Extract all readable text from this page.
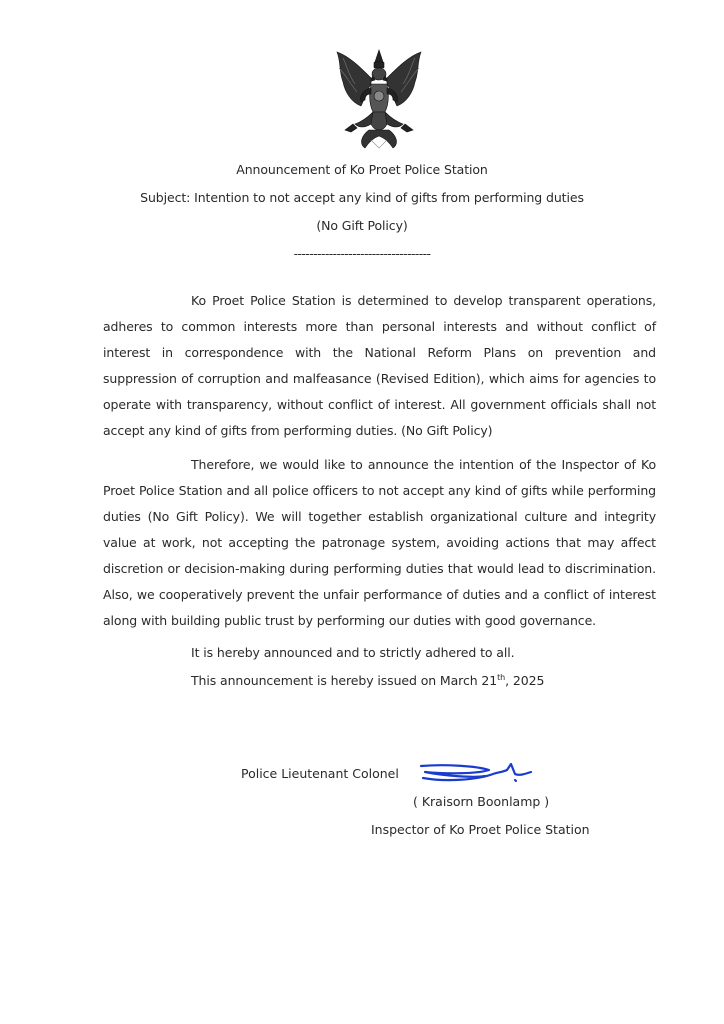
Announcement of Ko Proet Police Station
Subject: Intention to not accept any kind of gifts from performing duties
(No Gift Policy)
-----------------------------------
Ko Proet Police Station is determined to develop transparent operations, adheres to common interests more than personal interests and without conflict of interest in correspondence with the National Reform Plans on prevention and suppression of corruption and malfeasance (Revised Edition), which aims for agencies to operate with transparency, without conflict of interest. All government officials shall not accept any kind of gifts from performing duties. (No Gift Policy)
Therefore, we would like to announce the intention of the Inspector of Ko Proet Police Station and all police officers to not accept any kind of gifts while performing duties (No Gift Policy). We will together establish organizational culture and integrity value at work, not accepting the patronage system, avoiding actions that may affect discretion or decision-making during performing duties that would lead to discrimination. Also, we cooperatively prevent the unfair performance of duties and a conflict of interest along with building public trust by performing our duties with good governance.
It is hereby announced and to strictly adhered to all.
This announcement is hereby issued on March 21th, 2025
Police Lieutenant Colonel
( Kraisorn Boonlamp )
Inspector of Ko Proet Police Station
